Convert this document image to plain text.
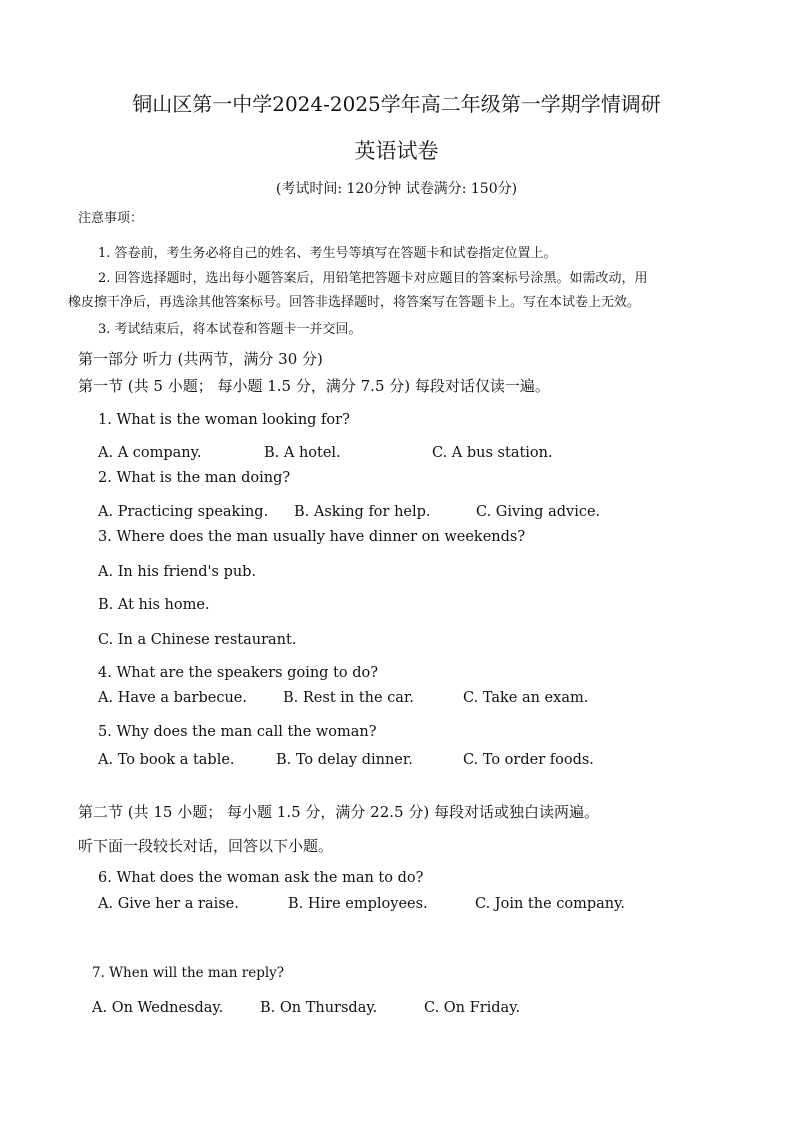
铜山区第一中学2024-2025学年高二年级第一学期学情调研
英语试卷
(考试时间: 120分钟 试卷满分: 150分)
注意事项：
1. 答卷前，考生务必将自己的姓名、考生号等填写在答题卡和试卷指定位置上。
2. 回答选择题时，选出每小题答案后，用铅笔把答题卡对应题目的答案标号涂黑。如需改动，用
橡皮擦干净后，再选涂其他答案标号。回答非选择题时，将答案写在答题卡上。写在本试卷上无效。
3. 考试结束后，将本试卷和答题卡一并交回。
第一部分 听力 (共两节，满分 30 分)
第一节 (共 5 小题； 每小题 1.5 分，满分 7.5 分) 每段对话仅读一遍。
1. What is the woman looking for?
A. A company.	B. A hotel.	C. A bus station.
2. What is the man doing?
A. Practicing speaking. B. Asking for help.	C. Giving advice.
3. Where does the man usually have dinner on weekends?
A. In his friend's pub.
B. At his home.
C. In a Chinese restaurant.
4. What are the speakers going to do?
A. Have a barbecue. B. Rest in the car.	C. Take an exam.
5. Why does the man call the woman?
A. To book a table.	B. To delay dinner.	C. To order foods.
第二节 (共 15 小题； 每小题 1.5 分，满分 22.5 分) 每段对话或独白读两遍。
听下面一段较长对话，回答以下小题。
6. What does the woman ask the man to do?
A. Give her a raise.	B. Hire employees.	C. Join the company.
7. When will the man reply?
A. On Wednesday.	B. On Thursday.	C. On Friday.
